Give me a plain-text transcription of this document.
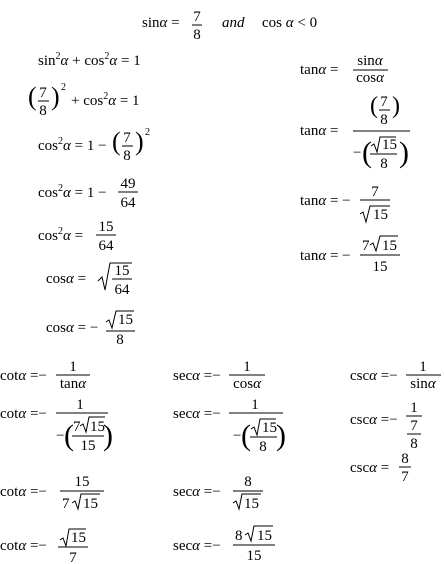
sinα = 7
8
and cos α < 0
$\sin^2\alpha + \cos^2\alpha = 1$
( 7
8 ) 2
+ $\cos^2\alpha = 1$
$\cos^2\alpha = 1$ − ( 7
8 ) 2
$\cos^2\alpha = 1$ −
49
64
$\cos^2\alpha$ =
15
64
cosα = 15
64
cosα = − 15
8
tanα =
sinα
cosα
tanα =
( 7
8
)
− ( 15
8 )
tanα = −
7
15
tanα = −
7 15
15
cotα =−
1
tanα
cotα =−
1
− ( 7 15
15 )
cotα =−
15
7 15
cotα =− 15
7
secα =−
1
cosα
secα =−
1
− ( 15
8 )
secα =−
8
15
secα =−
8 15
15
cscα =−
1
sinα
cscα =−
1
7
8
cscα =
8
7
